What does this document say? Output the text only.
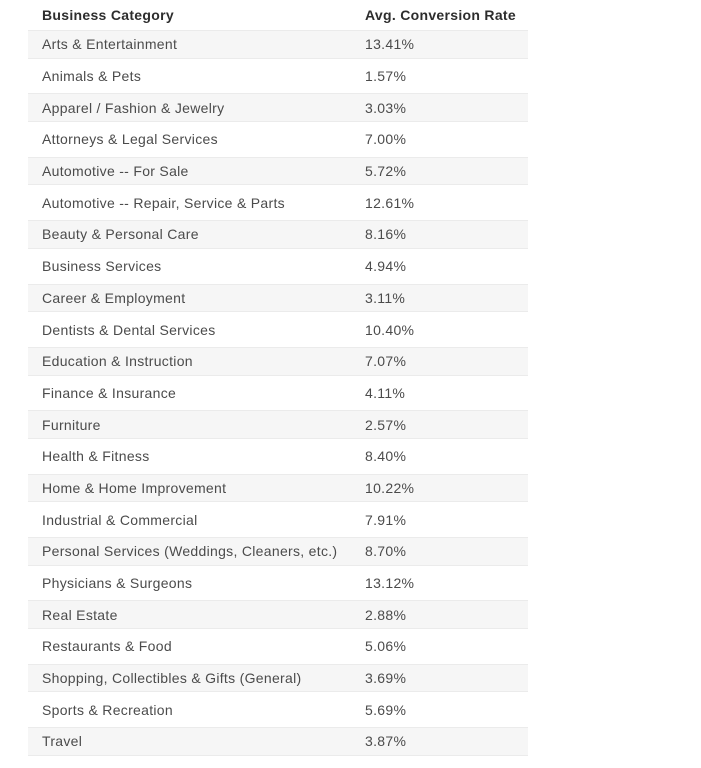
Business Category	Avg. Conversion Rate
Arts & Entertainment	13.41%
Animals & Pets	1.57%
Apparel / Fashion & Jewelry	3.03%
Attorneys & Legal Services	7.00%
Automotive -- For Sale	5.72%
Automotive -- Repair, Service & Parts	12.61%
Beauty & Personal Care	8.16%
Business Services	4.94%
Career & Employment	3.11%
Dentists & Dental Services	10.40%
Education & Instruction	7.07%
Finance & Insurance	4.11%
Furniture	2.57%
Health & Fitness	8.40%
Home & Home Improvement	10.22%
Industrial & Commercial	7.91%
Personal Services (Weddings, Cleaners, etc.)	8.70%
Physicians & Surgeons	13.12%
Real Estate	2.88%
Restaurants & Food	5.06%
Shopping, Collectibles & Gifts (General)	3.69%
Sports & Recreation	5.69%
Travel	3.87%
